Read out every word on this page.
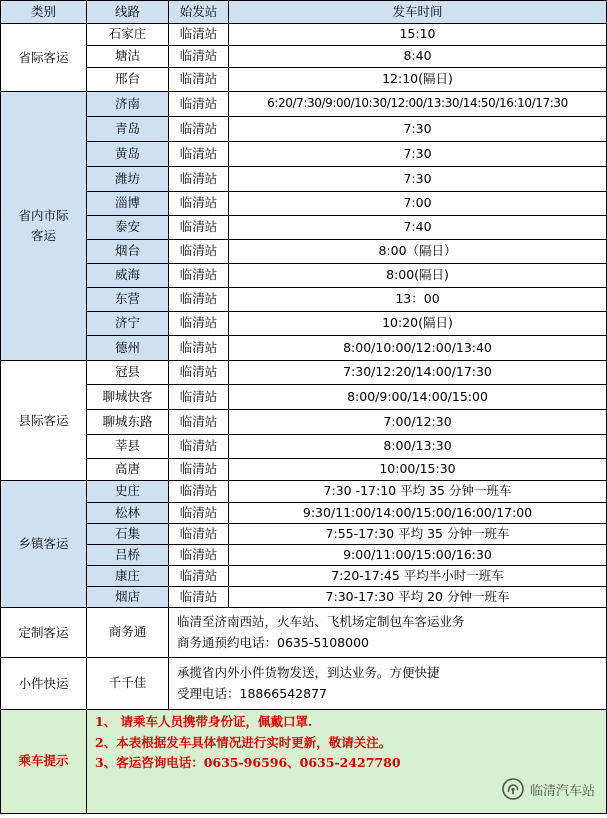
类别	线路	始发站	发车时间
省际客运	石家庄	临清站	15:10
	塘沽	临清站	8:40
	邢台	临清站	12:10(隔日)
省内市际客运	济南	临清站	6:20/7:30/9:00/10:30/12:00/13:30/14:50/16:10/17:30
	青岛	临清站	7:30
	黄岛	临清站	7:30
	潍坊	临清站	7:30
	淄博	临清站	7:00
	泰安	临清站	7:40
	烟台	临清站	8:00（隔日）
	威海	临清站	8:00(隔日)
	东营	临清站	13：00
	济宁	临清站	10:20(隔日)
	德州	临清站	8:00/10:00/12:00/13:40
县际客运	冠县	临清站	7:30/12:20/14:00/17:30
	聊城快客	临清站	8:00/9:00/14:00/15:00
	聊城东路	临清站	7:00/12:30
	莘县	临清站	8:00/13:30
	高唐	临清站	10:00/15:30
乡镇客运	史庄	临清站	7:30 -17:10 平均 35 分钟一班车
	松林	临清站	9:30/11:00/14:00/15:00/16:00/17:00
	石集	临清站	7:55-17:30 平均 35 分钟一班车
	吕桥	临清站	9:00/11:00/15:00/16:30
	康庄	临清站	7:20-17:45 平均半小时一班车
	烟店	临清站	7:30-17:30 平均 20 分钟一班车
定制客运	商务通	临清至济南西站，火车站、飞机场定制包车客运业务
商务通预约电话：0635-5108000	

小件快运	千千佳	承揽省内外小件货物发送，到达业务。方便快捷
受理电话：18866542877	

乘车提示	1、 请乘车人员携带身份证，佩戴口罩.
2、本表根据发车具体情况进行实时更新，敬请关注。
3、客运咨询电话：0635-96596、0635-2427780		
临清汽车站
